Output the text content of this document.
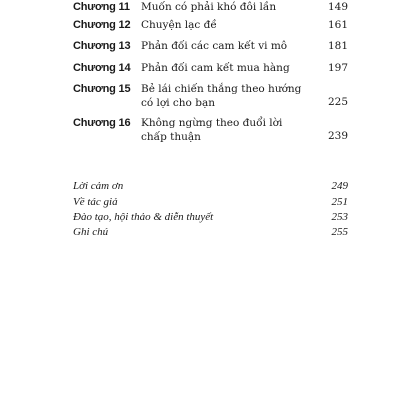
Chương 11 Muốn có phải khó đôi lần	149
Chương 12 Chuyện lạc đề	161
Chương 13 Phản đối các cam kết vi mô	181
Chương 14 Phản đối cam kết mua hàng	197
Chương 15 Bẻ lái chiến thắng theo hướng có lợi cho bạn	225
Chương 16 Không ngừng theo đuổi lời chấp thuận	239
Lời cảm ơn	249
Về tác giả	251
Đào tạo, hội thảo & diễn thuyết	253
Ghi chú	255
